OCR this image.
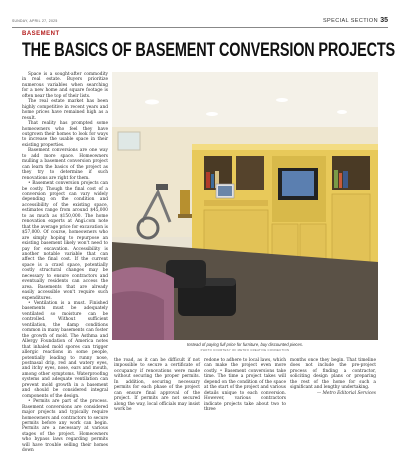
SUNDAY, APRIL 27, 2025	SPECIAL SECTION 35
BASEMENT
THE BASICS OF BASEMENT CONVERSION PROJECTS

Space is a sought-after commodity in real estate. Buyers prioritize numerous variables when searching for a new home and square footage is often near the top of their lists.

The real estate market has been highly competitive in recent years and home prices have remained high as a result.

That reality has prompted some homeowners who feel they have outgrown their homes to look for ways to increase the usable space in their existing properties.

Basement conversions are one way to add more space. Homeowners mulling a basement conversion project can learn the basics of the project as they try to determine if such renovations are right for them.

• Basement conversion projects can be costly. Though the final cost of a conversion project can vary widely depending on the condition and accessibility of the existing space, estimates range from around $45,000 to as much as $150,000. The home renovation experts at Angi.com note that the average price for excavation is $57,000. Of course, homeowners who are simply hoping to repurpose an existing basement likely won't need to pay for excavation. Accessibility is another notable variable that can affect the final cost. If the current space is a crawl space, potentially costly structural changes may be necessary to ensure contractors and eventually residents can access the area. Basements that are already easily accessible won't require such expenditures.

• Ventilation is a must. Finished basements must be adequately ventilated so moisture can be controlled. Without sufficient ventilation, the damp conditions common in many basements can foster the growth of mold. The Asthma and Allergy Foundation of America notes that inhaled mold spores can trigger allergic reactions in some people, potentially leading to runny nose, postnasal drip, red and watery eyes, and itchy eyes, nose, ears and mouth, among other symptoms. Waterproofing systems and adequate ventilation can prevent mold growth in a basement and should be considered integral components of the design.

• Permits are part of the process. Basement conversions are considered major projects and typically require homeowners and contractors to secure permits before any work can begin. Permits are a necessary at various stages of the project. Homeowners who bypass laws regarding permits will have trouble selling their homes down

Instead of paying full price for furniture, buy discounted pieces.
PHOTO COURTESY OF METRO CREATIVE CONNECTION

the road, as it can be difficult if not impossible to secure a certificate of occupancy if renovations were made without securing the proper permits. In addition, securing necessary permits for each phase of the project can ensure final approval of the project. If permits are not secured along the way, local officials may insist work be

redone to adhere to local laws, which can make the project even more costly. • Basement conversions take time. The time a project takes will depend on the condition of the space at the start of the project and various details unique to each conversion. However, various contractors indicate projects take about two to three

months once they begin. That timeline does not include the pre-project process of finding a contractor, soliciting design plans or preparing the rest of the home for such a significant and lengthy undertaking.

— Metro Editorial Services
